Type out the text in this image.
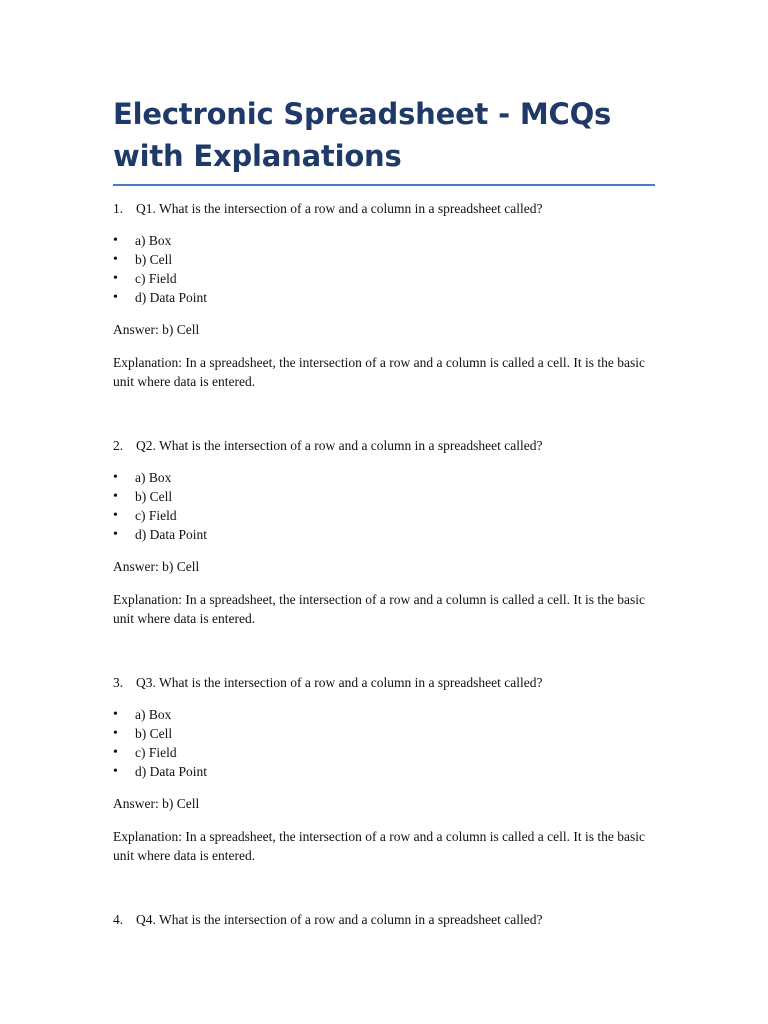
Electronic Spreadsheet - MCQs with Explanations

1. Q1. What is the intersection of a row and a column in a spreadsheet called?

• a) Box
• b) Cell
• c) Field
• d) Data Point

Answer: b) Cell

Explanation: In a spreadsheet, the intersection of a row and a column is called a cell. It is the basic unit where data is entered.

2. Q2. What is the intersection of a row and a column in a spreadsheet called?

• a) Box
• b) Cell
• c) Field
• d) Data Point

Answer: b) Cell

Explanation: In a spreadsheet, the intersection of a row and a column is called a cell. It is the basic unit where data is entered.

3. Q3. What is the intersection of a row and a column in a spreadsheet called?

• a) Box
• b) Cell
• c) Field
• d) Data Point

Answer: b) Cell

Explanation: In a spreadsheet, the intersection of a row and a column is called a cell. It is the basic unit where data is entered.

4. Q4. What is the intersection of a row and a column in a spreadsheet called?
